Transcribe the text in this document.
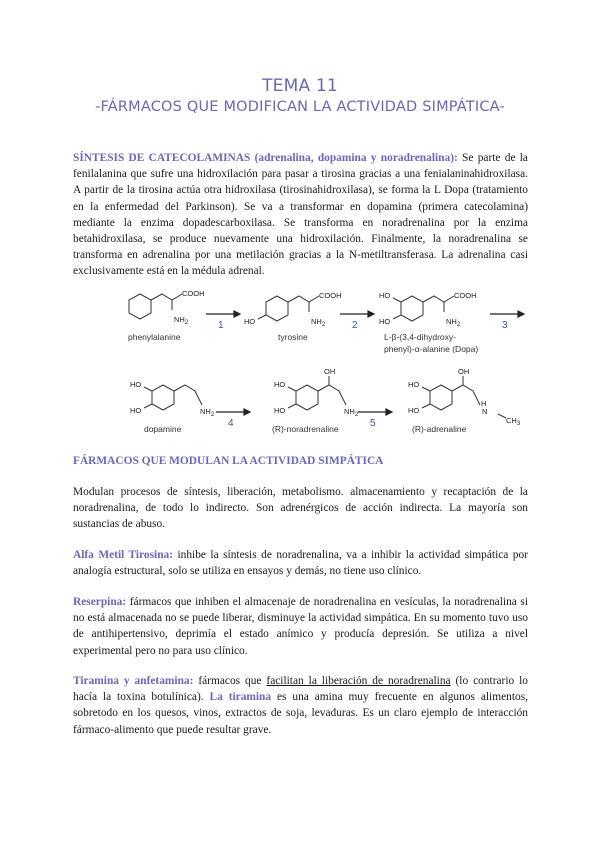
TEMA 11
-FÁRMACOS QUE MODIFICAN LA ACTIVIDAD SIMPÁTICA-

SÍNTESIS DE CATECOLAMINAS (adrenalina, dopamina y noradrenalina): Se parte de la fenilalanina que sufre una hidroxilación para pasar a tirosina gracias a una fenialaninahidroxilasa. A partir de la tirosina actúa otra hidroxilasa (tirosinahidroxilasa), se forma la L Dopa (tratamiento en la enfermedad del Parkinson). Se va a transformar en dopamina (primera catecolamina) mediante la enzima dopadescarboxilasa. Se transforma en noradrenalina por la enzima betahidroxilasa, se produce nuevamente una hidroxilación. Finalmente, la noradrenalina se transforma en adrenalina por una metilación gracias a la N-metiltransferasa. La adrenalina casi exclusivamente está en la médula adrenal.

1	2	3
4	5
COOH
$NH_2$
COOH
$NH_2$
HO
COOH
$NH_2$
HO
HO
HO
HO	$NH_2$
HO
HO
OH
$NH_2$
HO
HO
OH
N
H
$CH_3$
phenylalanine	tyrosine	L-β-(3,4-dihydroxy-
phenyl)-α-alanine (Dopa)
dopamine	(R)-noradrenaline	(R)-adrenaline

FÁRMACOS QUE MODULAN LA ACTIVIDAD SIMPÁTICA

Modulan procesos de síntesis, liberación, metabolismo. almacenamiento y recaptación de la noradrenalina, de todo lo indirecto. Son adrenérgicos de acción indirecta. La mayoría son sustancias de abuso.

Alfa Metil Tirosina: inhibe la síntesis de noradrenalina, va a inhibir la actividad simpática por analogía estructural, solo se utiliza en ensayos y demás, no tiene uso clínico.

Reserpina: fármacos que inhiben el almacenaje de noradrenalina en vesículas, la noradrenalina si no está almacenada no se puede liberar, disminuye la actividad simpática. En su momento tuvo uso de antihipertensivo, deprimía el estado anímico y producía depresión. Se utiliza a nivel experimental pero no para uso clínico.

Tiramina y anfetamina: fármacos que facilitan la liberación de noradrenalina (lo contrario lo hacía la toxina botulínica). La tiramina es una amina muy frecuente en algunos alimentos, sobretodo en los quesos, vinos, extractos de soja, levaduras. Es un claro ejemplo de interacción fármaco-alimento que puede resultar grave.
